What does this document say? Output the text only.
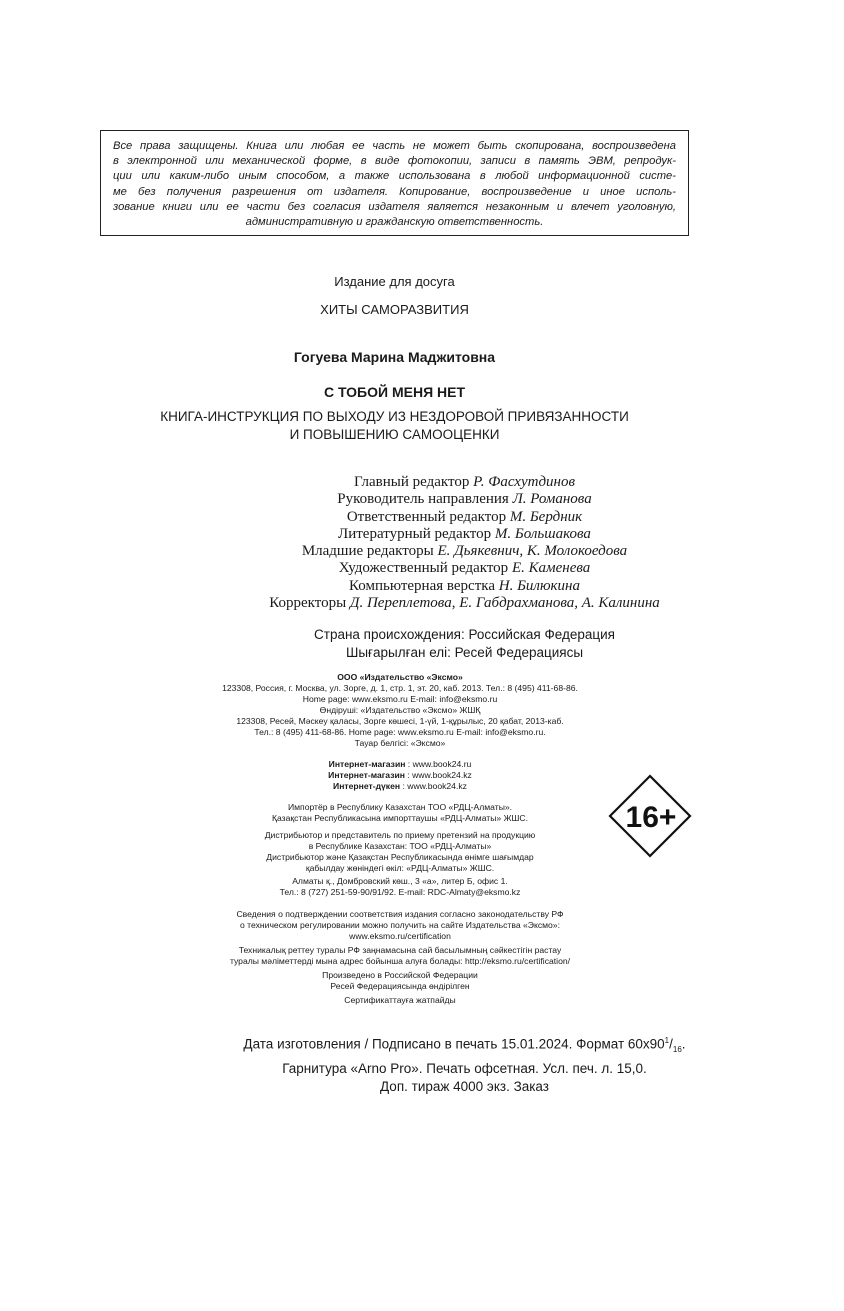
Все права защищены. Книга или любая ее часть не может быть скопирована, воспроизведена
в электронной или механической форме, в виде фотокопии, записи в память ЭВМ, репродук-
ции или каким-либо иным способом, а также использована в любой информационной систе-
ме без получения разрешения от издателя. Копирование, воспроизведение и иное исполь-
зование книги или ее части без согласия издателя является незаконным и влечет уголовную,
административную и гражданскую ответственность.
Издание для досуга
ХИТЫ САМОРАЗВИТИЯ
Гогуева Марина Маджитовна
С ТОБОЙ МЕНЯ НЕТ
КНИГА-ИНСТРУКЦИЯ ПО ВЫХОДУ ИЗ НЕЗДОРОВОЙ ПРИВЯЗАННОСТИ
И ПОВЫШЕНИЮ САМООЦЕНКИ
Главный редактор Р. Фасхутдинов
Руководитель направления Л. Романова
Ответственный редактор М. Бердник
Литературный редактор М. Большакова
Младшие редакторы Е. Дьякевнич, К. Молокоедова
Художественный редактор Е. Каменева
Компьютерная верстка Н. Билюкина
Корректоры Д. Переплетова, Е. Габдрахманова, А. Калинина
Страна происхождения: Российская Федерация
Шығарылған елі: Ресей Федерациясы
ООО «Издательство «Эксмо»
123308, Россия, г. Москва, ул. Зорге, д. 1, стр. 1, эт. 20, каб. 2013. Тел.: 8 (495) 411-68-86.
Home page: www.eksmo.ru E-mail: info@eksmo.ru
Өндіруші: «Издательство «Эксмо» ЖШҚ
123308, Ресей, Мәскеу қаласы, Зорге көшесі, 1-үй, 1-құрылыс, 20 қабат, 2013-каб.
Тел.: 8 (495) 411-68-86. Home page: www.eksmo.ru E-mail: info@eksmo.ru.
Тауар белгісі: «Эксмо»
Интернет-магазин : www.book24.ru
Интернет-магазин : www.book24.kz
Интернет-дүкен : www.book24.kz
Импортёр в Республику Казахстан ТОО «РДЦ-Алматы».
Қазақстан Республикасына импорттаушы «РДЦ-Алматы» ЖШС.
Дистрибьютор и представитель по приему претензий на продукцию
в Республике Казахстан: ТОО «РДЦ-Алматы»
Дистрибьютор және Қазақстан Республикасында өнімге шағымдар
қабылдау жөніндегі өкіл: «РДЦ-Алматы» ЖШС.
Алматы қ., Домбровский көш., 3 «а», литер Б, офис 1.
Тел.: 8 (727) 251-59-90/91/92. E-mail: RDC-Almaty@eksmo.kz
Сведения о подтверждении соответствия издания согласно законодательству РФ
о техническом регулировании можно получить на сайте Издательства «Эксмо»:
www.eksmo.ru/certification
Техникалық реттеу туралы РФ заңнамасына сай басылымның сәйкестігін растау
туралы мәліметтерді мына адрес бойынша алуға болады: http://eksmo.ru/certification/
Произведено в Российской Федерации
Ресей Федерациясында өндірілген
Сертификаттауға жатпайды
16+
Дата изготовления / Подписано в печать 15.01.2024. Формат $60х90^1/_{16}$.
Гарнитура «Arno Pro». Печать офсетная. Усл. печ. л. 15,0.
Доп. тираж 4000 экз. Заказ
